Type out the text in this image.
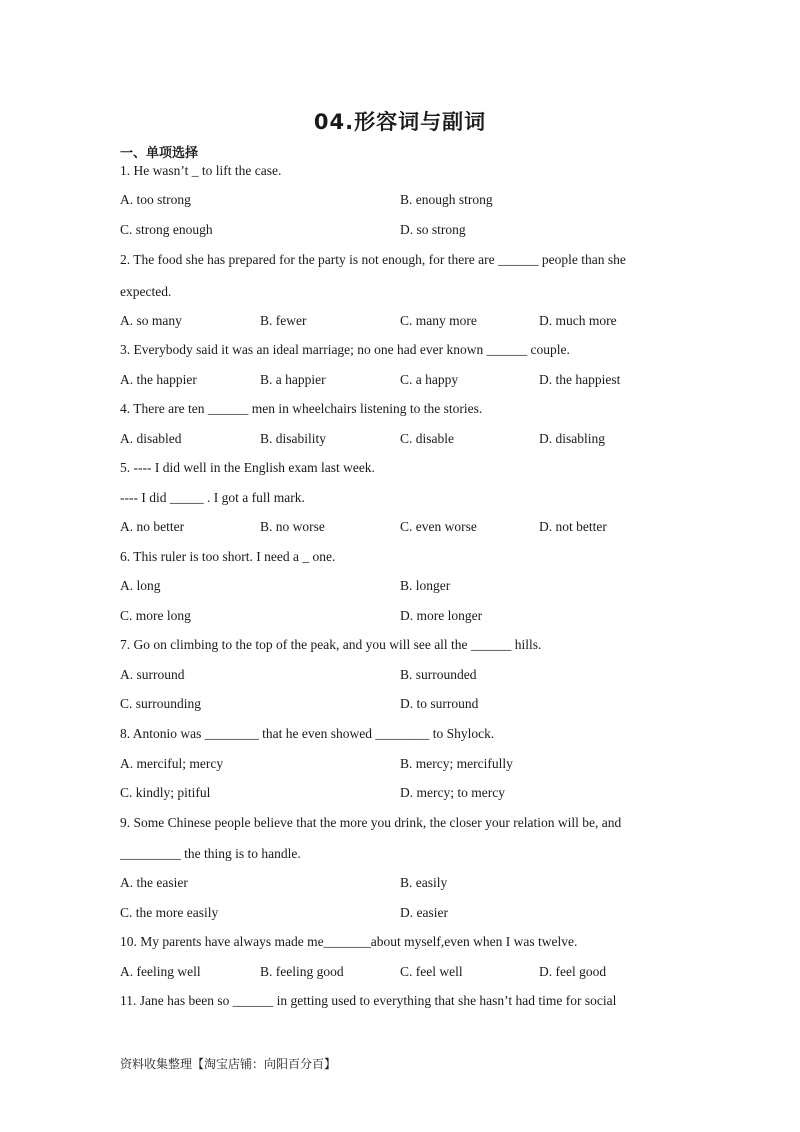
04.形容词与副词
一、单项选择
1. He wasn’t _ to lift the case.
A. too strong	B. enough strong
C. strong enough	D. so strong
2. The food she has prepared for the party is not enough, for there are ______ people than she
expected.
A. so many	B. fewer	C. many more	D. much more
3. Everybody said it was an ideal marriage; no one had ever known ______ couple.
A. the happier	B. a happier	C. a happy	D. the happiest
4. There are ten ______ men in wheelchairs listening to the stories.
A. disabled	B. disability	C. disable	D. disabling
5. ---- I did well in the English exam last week.
---- I did _____ . I got a full mark.
A. no better	B. no worse	C. even worse	D. not better
6. This ruler is too short. I need a _ one.
A. long	B. longer
C. more long	D. more longer
7. Go on climbing to the top of the peak, and you will see all the ______ hills.
A. surround	B. surrounded
C. surrounding	D. to surround
8. Antonio was ________ that he even showed ________ to Shylock.
A. merciful; mercy	B. mercy; mercifully
C. kindly; pitiful	D. mercy; to mercy
9. Some Chinese people believe that the more you drink, the closer your relation will be, and
_________ the thing is to handle.
A. the easier	B. easily
C. the more easily	D. easier
10. My parents have always made me_______about myself,even when I was twelve.
A. feeling well	B. feeling good	C. feel well	D. feel good
11. Jane has been so ______ in getting used to everything that she hasn’t had time for social
资料收集整理【淘宝店铺：向阳百分百】
